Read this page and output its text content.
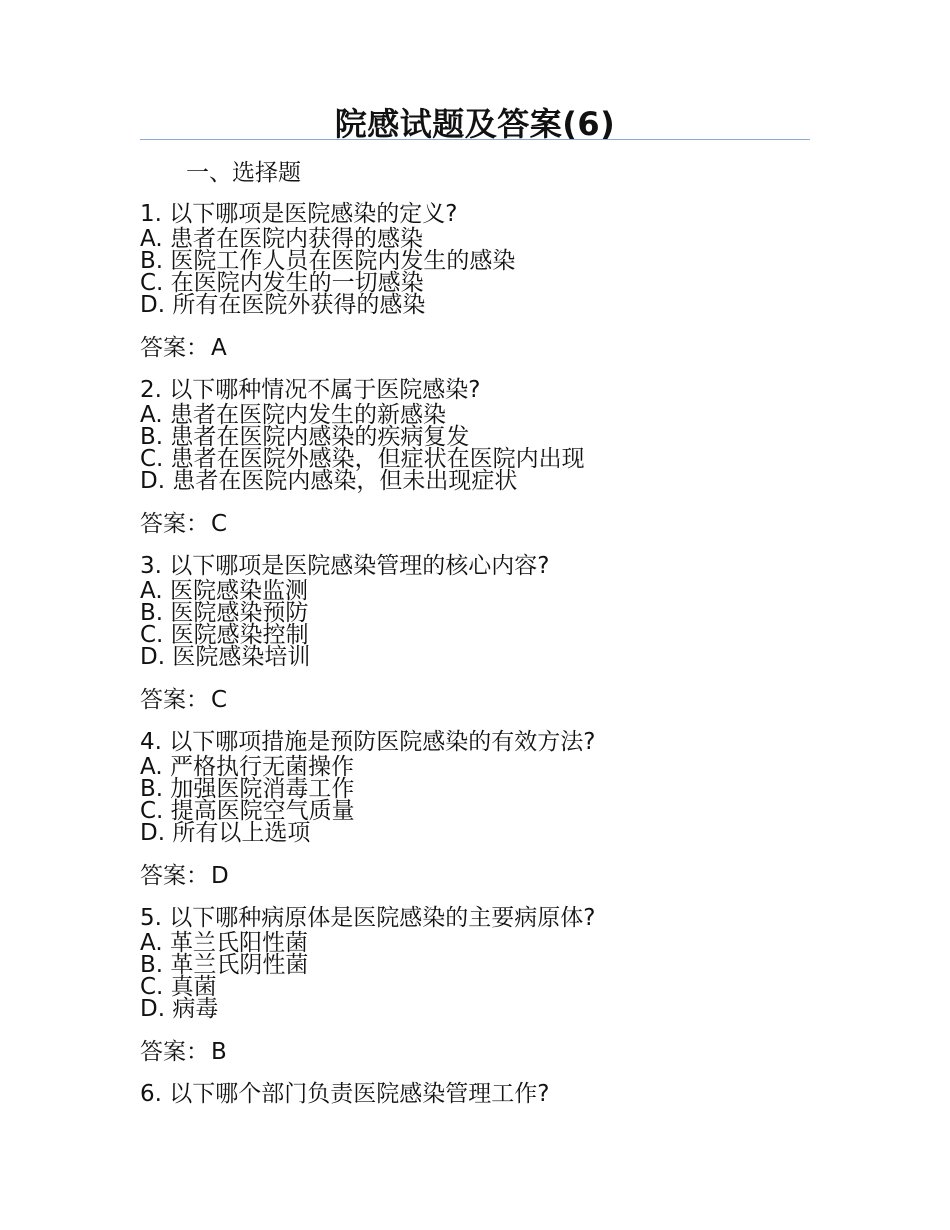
院感试题及答案(6)
一、选择题
1. 以下哪项是医院感染的定义?
A. 患者在医院内获得的感染
B. 医院工作人员在医院内发生的感染
C. 在医院内发生的一切感染
D. 所有在医院外获得的感染
答案：A
2. 以下哪种情况不属于医院感染?
A. 患者在医院内发生的新感染
B. 患者在医院内感染的疾病复发
C. 患者在医院外感染，但症状在医院内出现
D. 患者在医院内感染，但未出现症状
答案：C
3. 以下哪项是医院感染管理的核心内容?
A. 医院感染监测
B. 医院感染预防
C. 医院感染控制
D. 医院感染培训
答案：C
4. 以下哪项措施是预防医院感染的有效方法?
A. 严格执行无菌操作
B. 加强医院消毒工作
C. 提高医院空气质量
D. 所有以上选项
答案：D
5. 以下哪种病原体是医院感染的主要病原体?
A. 革兰氏阳性菌
B. 革兰氏阴性菌
C. 真菌
D. 病毒
答案：B
6. 以下哪个部门负责医院感染管理工作?
